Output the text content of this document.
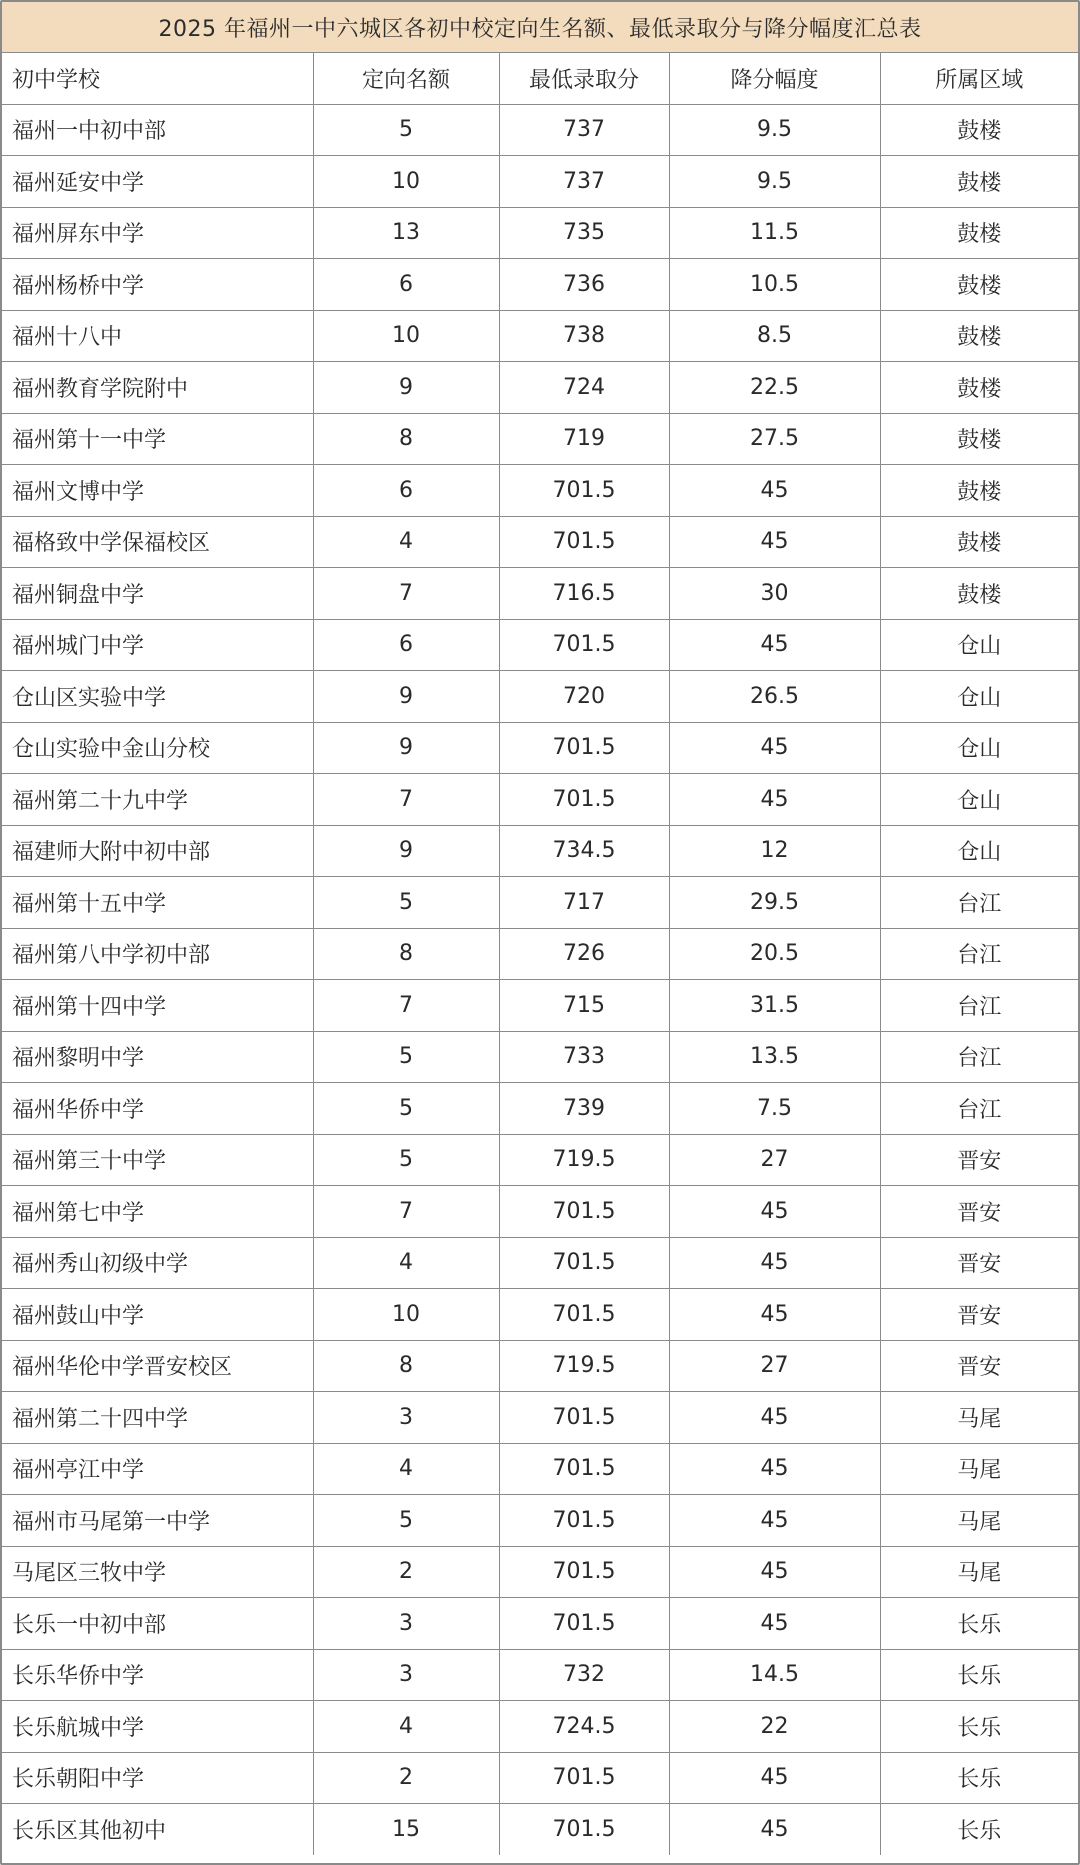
2025 年福州一中六城区各初中校定向生名额、最低录取分与降分幅度汇总表
初中学校	定向名额	最低录取分	降分幅度	所属区域
福州一中初中部	5	737	9.5	鼓楼
福州延安中学	10	737	9.5	鼓楼
福州屏东中学	13	735	11.5	鼓楼
福州杨桥中学	6	736	10.5	鼓楼
福州十八中	10	738	8.5	鼓楼
福州教育学院附中	9	724	22.5	鼓楼
福州第十一中学	8	719	27.5	鼓楼
福州文博中学	6	701.5	45	鼓楼
福格致中学保福校区	4	701.5	45	鼓楼
福州铜盘中学	7	716.5	30	鼓楼
福州城门中学	6	701.5	45	仓山
仓山区实验中学	9	720	26.5	仓山
仓山实验中金山分校	9	701.5	45	仓山
福州第二十九中学	7	701.5	45	仓山
福建师大附中初中部	9	734.5	12	仓山
福州第十五中学	5	717	29.5	台江
福州第八中学初中部	8	726	20.5	台江
福州第十四中学	7	715	31.5	台江
福州黎明中学	5	733	13.5	台江
福州华侨中学	5	739	7.5	台江
福州第三十中学	5	719.5	27	晋安
福州第七中学	7	701.5	45	晋安
福州秀山初级中学	4	701.5	45	晋安
福州鼓山中学	10	701.5	45	晋安
福州华伦中学晋安校区	8	719.5	27	晋安
福州第二十四中学	3	701.5	45	马尾
福州亭江中学	4	701.5	45	马尾
福州市马尾第一中学	5	701.5	45	马尾
马尾区三牧中学	2	701.5	45	马尾
长乐一中初中部	3	701.5	45	长乐
长乐华侨中学	3	732	14.5	长乐
长乐航城中学	4	724.5	22	长乐
长乐朝阳中学	2	701.5	45	长乐
长乐区其他初中	15	701.5	45	长乐
